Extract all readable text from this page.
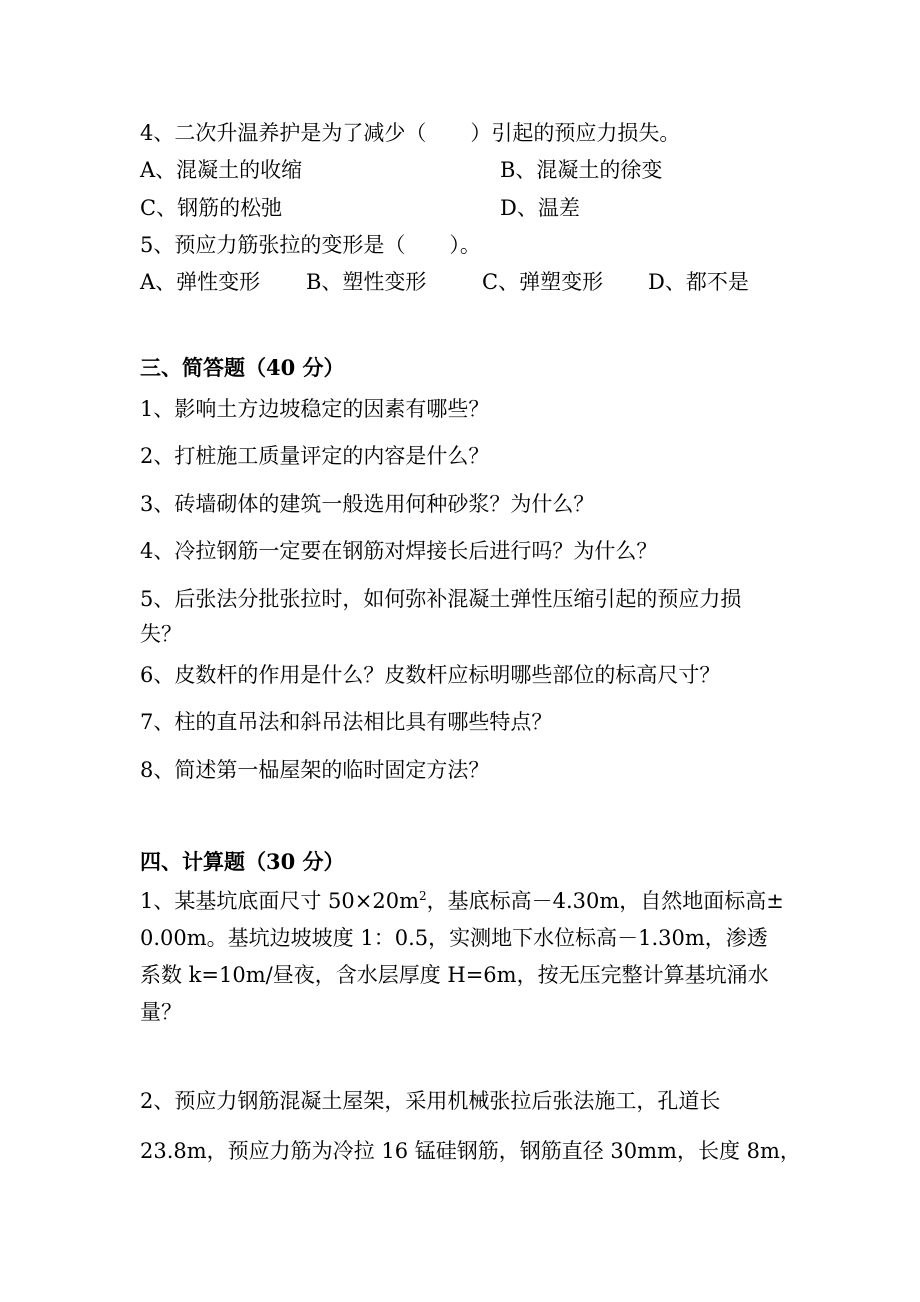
4、二次升温养护是为了减少（ ）引起的预应力损失。

A、混凝土的收缩	B、混凝土的徐变
C、钢筋的松弛	D、温差

5、预应力筋张拉的变形是（ ）。

A、弹性变形 B、塑性变形	C、弹塑变形 D、都不是

三、简答题（40 分）

1、影响土方边坡稳定的因素有哪些？

2、打桩施工质量评定的内容是什么？

3、砖墙砌体的建筑一般选用何种砂浆？为什么？

4、冷拉钢筋一定要在钢筋对焊接长后进行吗？为什么？

5、后张法分批张拉时，如何弥补混凝土弹性压缩引起的预应力损

失？

6、皮数杆的作用是什么？皮数杆应标明哪些部位的标高尺寸？

7、柱的直吊法和斜吊法相比具有哪些特点？

8、简述第一榀屋架的临时固定方法？

四、计算题（30 分）

1、某基坑底面尺寸 $50\times 20m^2$，基底标高－4.30m，自然地面标高±

0.00m。基坑边坡坡度 1：0.5，实测地下水位标高－1.30m，渗透

系数 k=10m/昼夜，含水层厚度 H=6m，按无压完整计算基坑涌水

量？

2、预应力钢筋混凝土屋架，采用机械张拉后张法施工，孔道长

23.8m，预应力筋为冷拉 16 锰硅钢筋，钢筋直径 30mm，长度 8m，
